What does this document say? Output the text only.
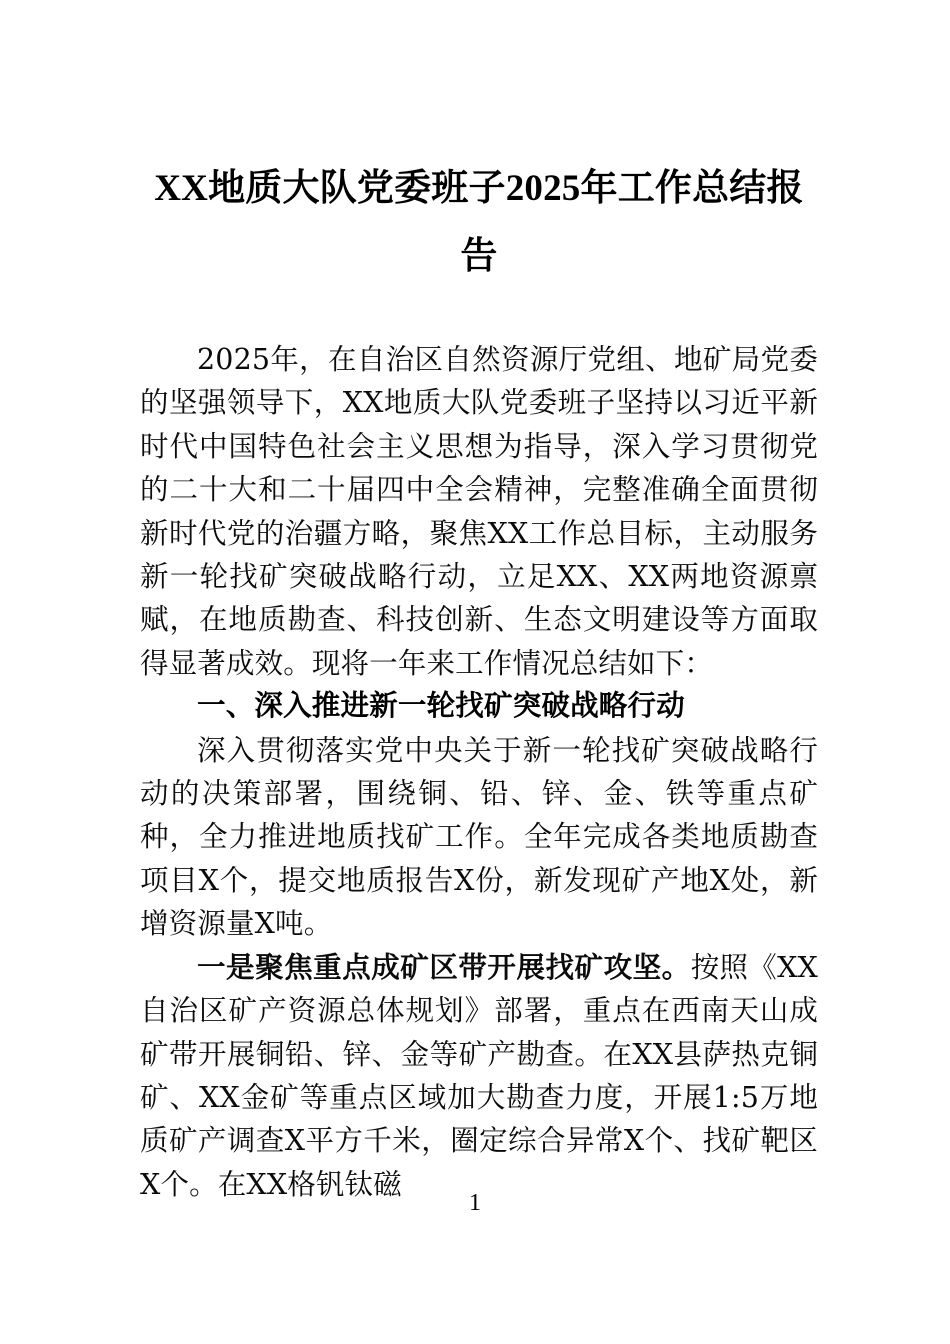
XX地质大队党委班子2025年工作总结报告

2025年，在自治区自然资源厅党组、地矿局党委的坚强领导下，XX地质大队党委班子坚持以习近平新时代中国特色社会主义思想为指导，深入学习贯彻党的二十大和二十届四中全会精神，完整准确全面贯彻新时代党的治疆方略，聚焦XX工作总目标，主动服务新一轮找矿突破战略行动，立足XX、XX两地资源禀赋，在地质勘查、科技创新、生态文明建设等方面取得显著成效。现将一年来工作情况总结如下：

一、深入推进新一轮找矿突破战略行动

深入贯彻落实党中央关于新一轮找矿突破战略行动的决策部署，围绕铜、铅、锌、金、铁等重点矿种，全力推进地质找矿工作。全年完成各类地质勘查项目X个，提交地质报告X份，新发现矿产地X处，新增资源量X吨。

一是聚焦重点成矿区带开展找矿攻坚。按照《XX自治区矿产资源总体规划》部署，重点在西南天山成矿带开展铜铅、锌、金等矿产勘查。在XX县萨热克铜矿、XX金矿等重点区域加大勘查力度，开展1:5万地质矿产调查X平方千米，圈定综合异常X个、找矿靶区X个。在XX格钒钛磁

1
